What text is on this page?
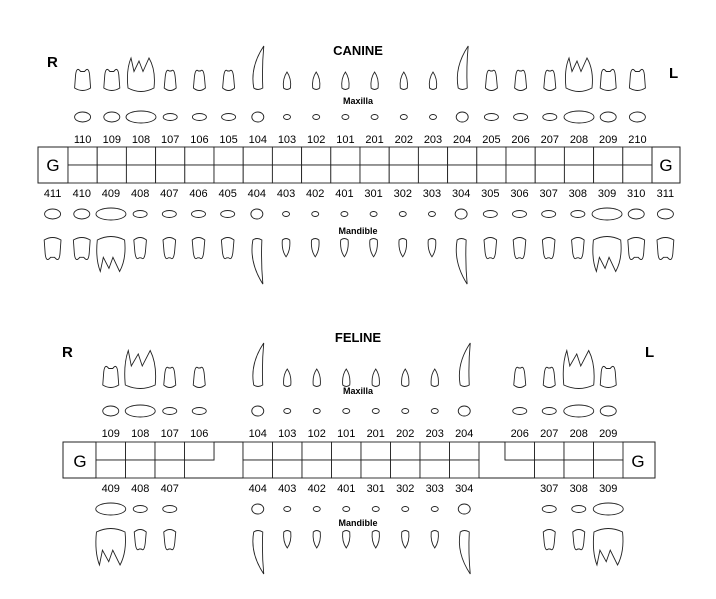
CANINE
R
L
Maxilla
Mandible
110 109 108 107 106 105 104 103 102 101 201 202 203 204 205 206 207 208 209 210
G	G
411 410 409 408 407 406 405 404 403 402 401 301 302 303 304 305 306 307 308 309 310 311
FELINE
R	L
Maxilla
Mandible
109 108 107 106	104 103 102 101 201 202 203 204	206 207 208 209
G	G
409 408 407	404 403 402 401 301 302 303 304	307 308 309
